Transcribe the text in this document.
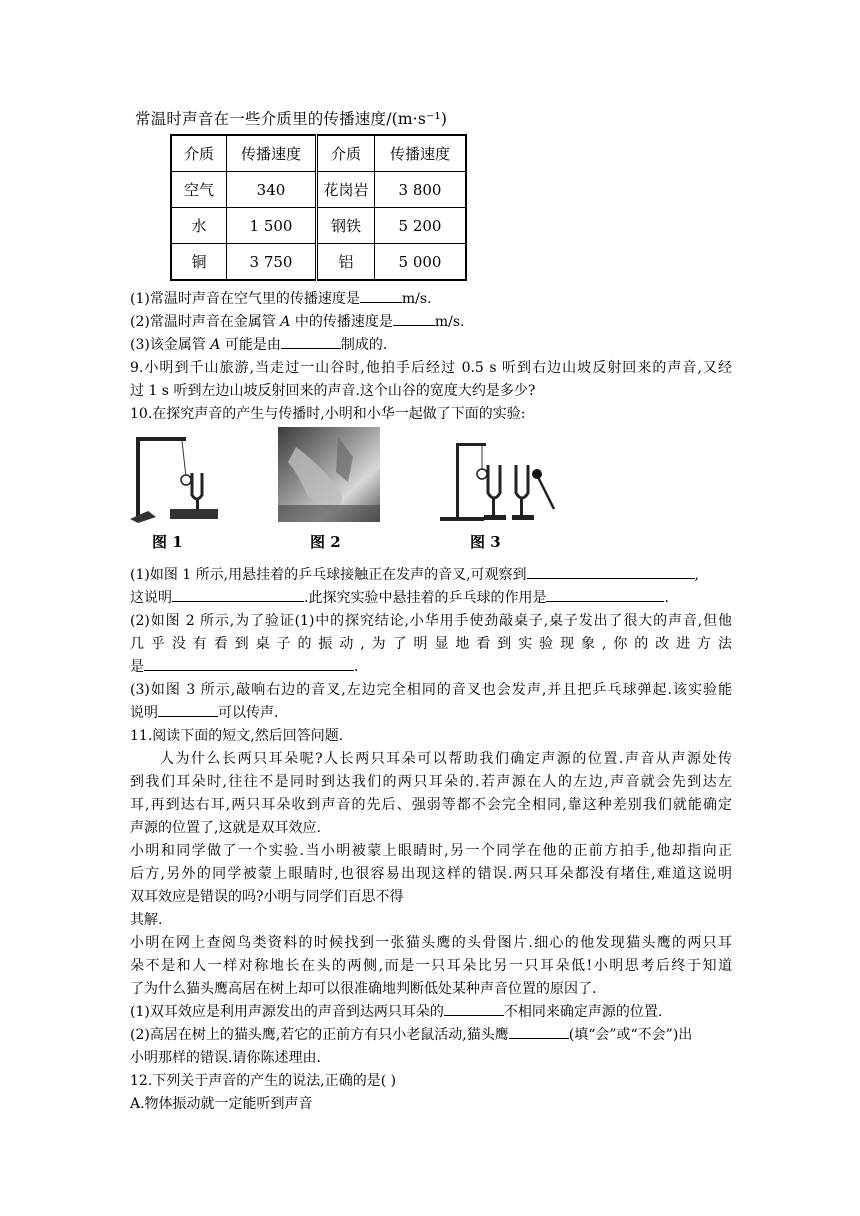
常温时声音在一些介质里的传播速度/(m·s⁻¹)
介质	传播速度	介质	传播速度
空气	340	花岗岩	3 800
水	1 500	钢铁	5 200
铜	3 750	铝	5 000
(1)常温时声音在空气里的传播速度是	m/s.
(2)常温时声音在金属管 A 中的传播速度是	m/s.
(3)该金属管 A 可能是由	制成的.
9.小明到千山旅游,当走过一山谷时,他拍手后经过 0.5 s 听到右边山坡反射回来的声音,又经
过 1 s 听到左边山坡反射回来的声音.这个山谷的宽度大约是多少?
10.在探究声音的产生与传播时,小明和小华一起做了下面的实验:
图 1	图 2	图 3
(1)如图 1 所示,用悬挂着的乒乓球接触正在发声的音叉,可观察到	,
这说明	.此探究实验中悬挂着的乒乓球的作用是	.
(2)如图 2 所示,为了验证(1)中的探究结论,小华用手使劲敲桌子,桌子发出了很大的声音,但他
几乎没有看到桌子的振动,为了明显地看到实验现象,你的改进方法
是	.
(3)如图 3 所示,敲响右边的音叉,左边完全相同的音叉也会发声,并且把乒乓球弹起.该实验能
说明	可以传声.
11.阅读下面的短文,然后回答问题.
人为什么长两只耳朵呢?人长两只耳朵可以帮助我们确定声源的位置.声音从声源处传
到我们耳朵时,往往不是同时到达我们的两只耳朵的.若声源在人的左边,声音就会先到达左
耳,再到达右耳,两只耳朵收到声音的先后、强弱等都不会完全相同,靠这种差别我们就能确定
声源的位置了,这就是双耳效应.
小明和同学做了一个实验.当小明被蒙上眼睛时,另一个同学在他的正前方拍手,他却指向正
后方,另外的同学被蒙上眼睛时,也很容易出现这样的错误.两只耳朵都没有堵住,难道这说明
双耳效应是错误的吗?小明与同学们百思不得
其解.
小明在网上查阅鸟类资料的时候找到一张猫头鹰的头骨图片.细心的他发现猫头鹰的两只耳
朵不是和人一样对称地长在头的两侧,而是一只耳朵比另一只耳朵低!小明思考后终于知道
了为什么猫头鹰高居在树上却可以很准确地判断低处某种声音位置的原因了.
(1)双耳效应是利用声源发出的声音到达两只耳朵的	不相同来确定声源的位置.
(2)高居在树上的猫头鹰,若它的正前方有只小老鼠活动,猫头鹰	(填“会”或“不会”)出
小明那样的错误.请你陈述理由.
12.下列关于声音的产生的说法,正确的是( )
A.物体振动就一定能听到声音
